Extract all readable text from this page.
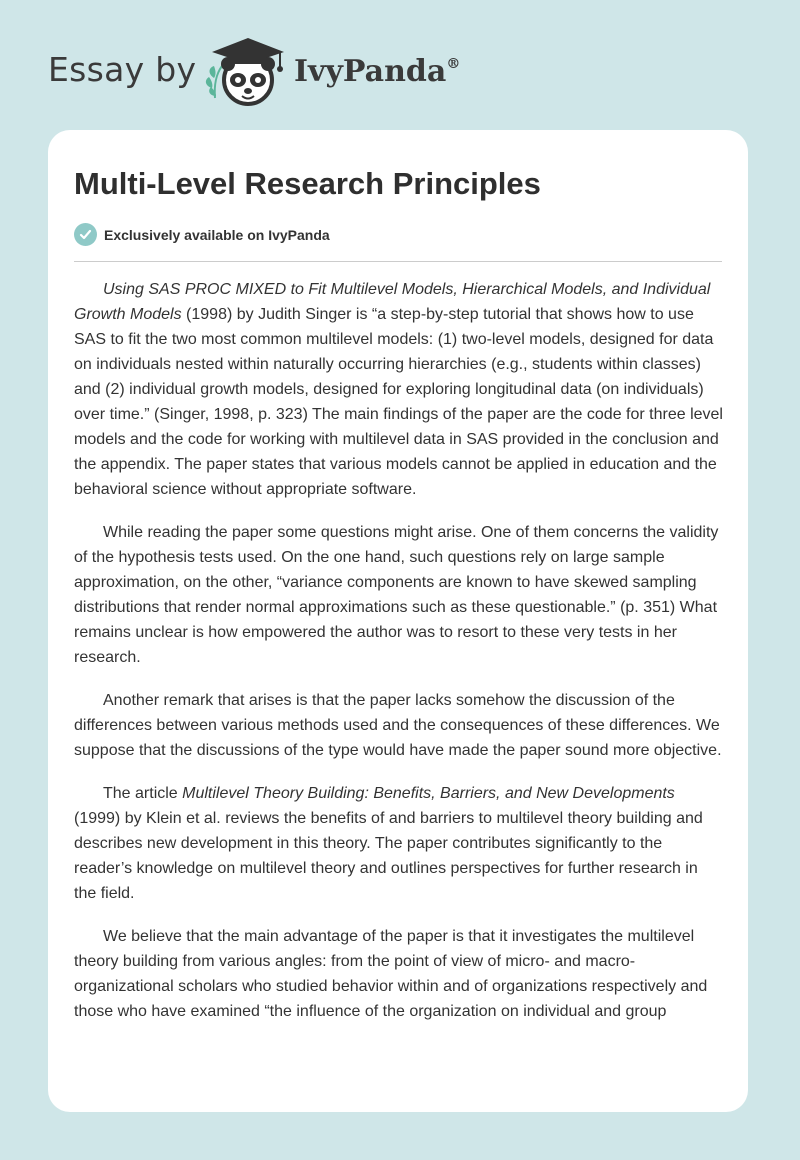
Essay by	IvyPanda®
Multi-Level Research Principles
Exclusively available on IvyPanda

Using SAS PROC MIXED to Fit Multilevel Models, Hierarchical Models, and Individual Growth Models (1998) by Judith Singer is “a step-by-step tutorial that shows how to use SAS to fit the two most common multilevel models: (1) two-level models, designed for data on individuals nested within naturally occurring hierarchies (e.g., students within classes) and (2) individual growth models, designed for exploring longitudinal data (on individuals) over time.” (Singer, 1998, p. 323) The main findings of the paper are the code for three level models and the code for working with multilevel data in SAS provided in the conclusion and the appendix. The paper states that various models cannot be applied in education and the behavioral science without appropriate software.

While reading the paper some questions might arise. One of them concerns the validity of the hypothesis tests used. On the one hand, such questions rely on large sample approximation, on the other, “variance components are known to have skewed sampling distributions that render normal approximations such as these questionable.” (p. 351) What remains unclear is how empowered the author was to resort to these very tests in her research.

Another remark that arises is that the paper lacks somehow the discussion of the differences between various methods used and the consequences of these differences. We suppose that the discussions of the type would have made the paper sound more objective.

The article Multilevel Theory Building: Benefits, Barriers, and New Developments (1999) by Klein et al. reviews the benefits of and barriers to multilevel theory building and describes new development in this theory. The paper contributes significantly to the reader’s knowledge on multilevel theory and outlines perspectives for further research in the field.

We believe that the main advantage of the paper is that it investigates the multilevel theory building from various angles: from the point of view of micro- and macro-organizational scholars who studied behavior within and of organizations respectively and those who have examined “the influence of the organization on individual and group
